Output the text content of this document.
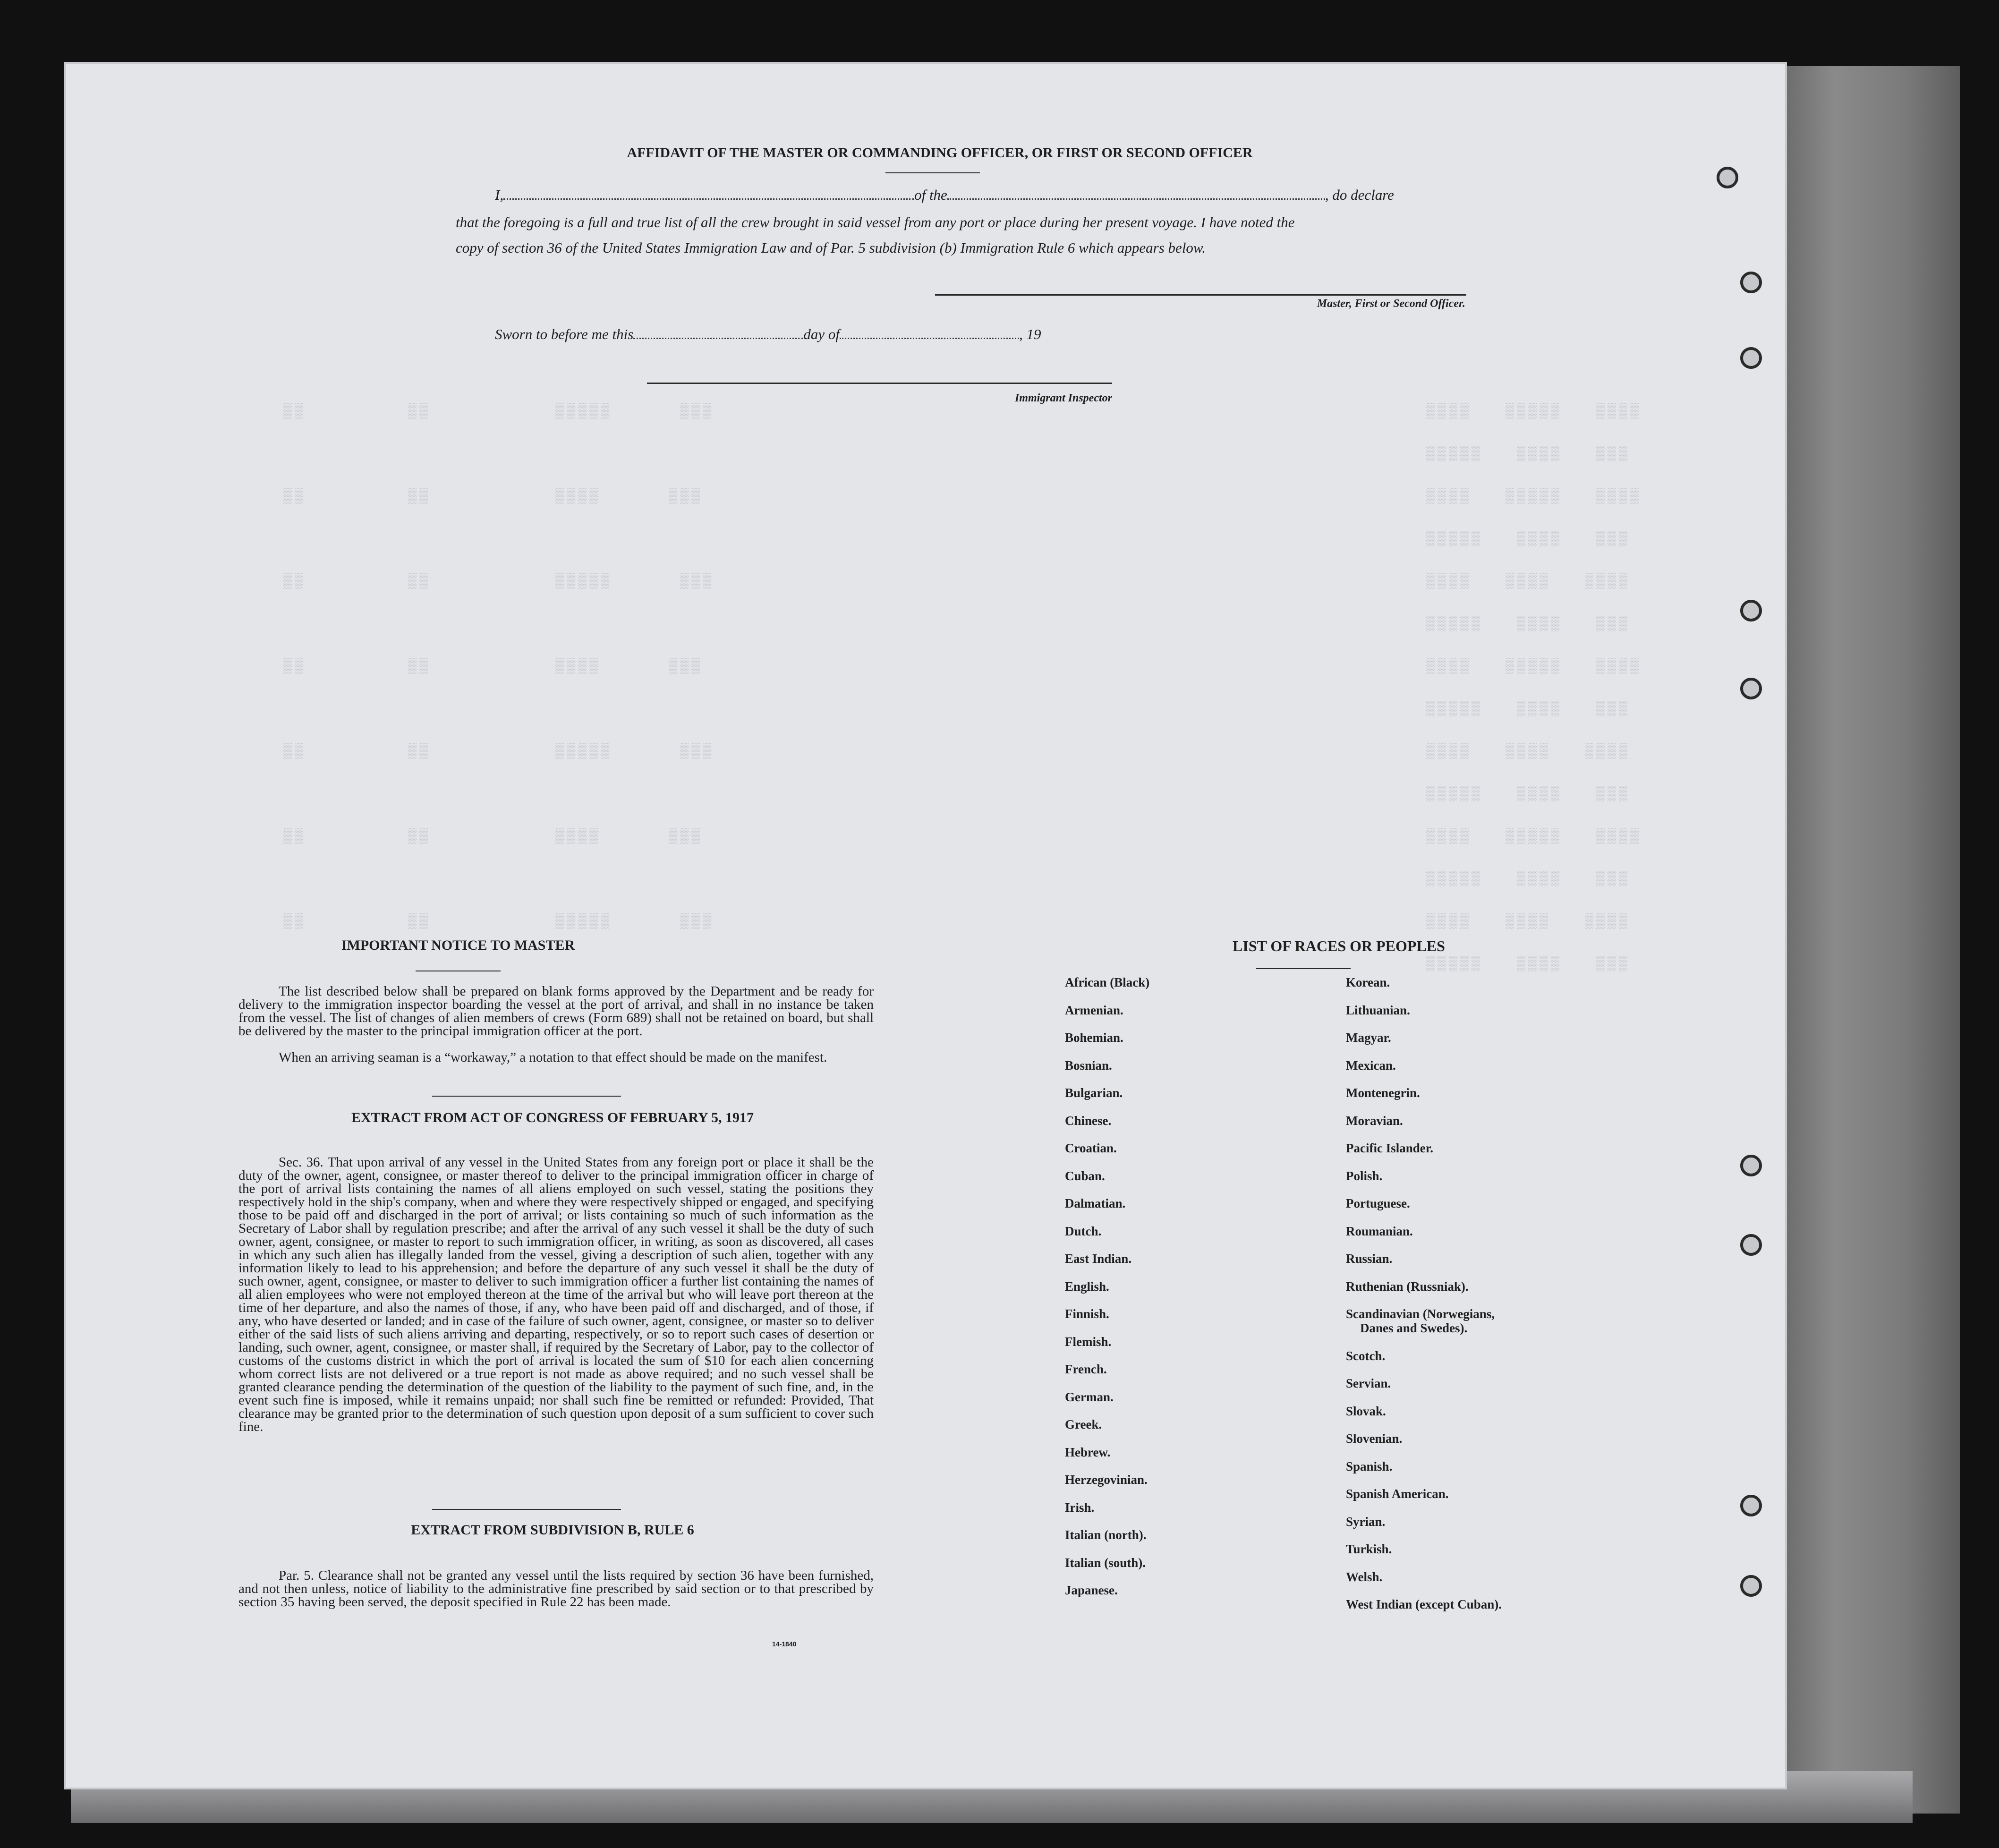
▒▒▒▒   ▒▒▒▒▒   ▒▒▒▒
▒▒▒▒▒   ▒▒▒▒   ▒▒▒
▒▒▒▒   ▒▒▒▒▒   ▒▒▒▒
▒▒▒▒▒   ▒▒▒▒   ▒▒▒
▒▒▒▒   ▒▒▒▒   ▒▒▒▒
▒▒▒▒▒   ▒▒▒▒   ▒▒▒
▒▒▒▒   ▒▒▒▒▒   ▒▒▒▒
▒▒▒▒▒   ▒▒▒▒   ▒▒▒
▒▒▒▒   ▒▒▒▒   ▒▒▒▒
▒▒▒▒▒   ▒▒▒▒   ▒▒▒
▒▒▒▒   ▒▒▒▒▒   ▒▒▒▒
▒▒▒▒▒   ▒▒▒▒   ▒▒▒
▒▒▒▒   ▒▒▒▒   ▒▒▒▒
▒▒▒▒▒   ▒▒▒▒   ▒▒▒
▒▒         ▒▒           ▒▒▒▒▒      ▒▒▒
▒▒         ▒▒           ▒▒▒▒      ▒▒▒
▒▒         ▒▒           ▒▒▒▒▒      ▒▒▒
▒▒         ▒▒           ▒▒▒▒      ▒▒▒
▒▒         ▒▒           ▒▒▒▒▒      ▒▒▒
▒▒         ▒▒           ▒▒▒▒      ▒▒▒
▒▒         ▒▒           ▒▒▒▒▒      ▒▒▒
AFFIDAVIT OF THE MASTER OR COMMANDING OFFICER, OR FIRST OR SECOND OFFICER
I,	of the	, do declare
that the foregoing is a full and true list of all the crew brought in said vessel from any port or place during her present voyage. I have noted the
copy of section 36 of the United States Immigration Law and of Par. 5 subdivision (b) Immigration Rule 6 which appears below.
Master, First or Second Officer.
Sworn to before me this	day of	, 19
Immigrant Inspector
IMPORTANT NOTICE TO MASTER
The list described below shall be prepared on blank forms approved by the Department and be ready for delivery to the immigration inspector boarding the vessel at the port of arrival, and shall in no instance be taken from the vessel. The list of changes of alien members of crews (Form 689) shall not be retained on board, but shall be delivered by the master to the principal immigration officer at the port.
When an arriving seaman is a “workaway,” a notation to that effect should be made on the manifest.
EXTRACT FROM ACT OF CONGRESS OF FEBRUARY 5, 1917
Sec. 36. That upon arrival of any vessel in the United States from any foreign port or place it shall be the duty of the owner, agent, consignee, or master thereof to deliver to the principal immigration officer in charge of the port of arrival lists containing the names of all aliens employed on such vessel, stating the positions they respectively hold in the ship's company, when and where they were respectively shipped or engaged, and specifying those to be paid off and discharged in the port of arrival; or lists containing so much of such information as the Secretary of Labor shall by regulation prescribe; and after the arrival of any such vessel it shall be the duty of such owner, agent, consignee, or master to report to such immigration officer, in writing, as soon as discovered, all cases in which any such alien has illegally landed from the vessel, giving a description of such alien, together with any information likely to lead to his apprehension; and before the departure of any such vessel it shall be the duty of such owner, agent, consignee, or master to deliver to such immigration officer a further list containing the names of all alien employees who were not employed thereon at the time of the arrival but who will leave port thereon at the time of her departure, and also the names of those, if any, who have been paid off and discharged, and of those, if any, who have deserted or landed; and in case of the failure of such owner, agent, consignee, or master so to deliver either of the said lists of such aliens arriving and departing, respectively, or so to report such cases of desertion or landing, such owner, agent, consignee, or master shall, if required by the Secretary of Labor, pay to the collector of customs of the customs district in which the port of arrival is located the sum of $10 for each alien concerning whom correct lists are not delivered or a true report is not made as above required; and no such vessel shall be granted clearance pending the determination of the question of the liability to the payment of such fine, and, in the event such fine is imposed, while it remains unpaid; nor shall such fine be remitted or refunded: Provided, That clearance may be granted prior to the determination of such question upon deposit of a sum sufficient to cover such fine.
EXTRACT FROM SUBDIVISION B, RULE 6
Par. 5. Clearance shall not be granted any vessel until the lists required by section 36 have been furnished, and not then unless, notice of liability to the administrative fine prescribed by said section or to that prescribed by section 35 having been served, the deposit specified in Rule 22 has been made.
14-1840
LIST OF RACES OR PEOPLES
African (Black)
Armenian.
Bohemian.
Bosnian.
Bulgarian.
Chinese.
Croatian.
Cuban.
Dalmatian.
Dutch.
East Indian.
English.
Finnish.
Flemish.
French.
German.
Greek.
Hebrew.
Herzegovinian.
Irish.
Italian (north).
Italian (south).
Japanese.
Korean.
Lithuanian.
Magyar.
Mexican.
Montenegrin.
Moravian.
Pacific Islander.
Polish.
Portuguese.
Roumanian.
Russian.
Ruthenian (Russniak).
Scandinavian (Norwegians,
Danes and Swedes).
Scotch.
Servian.
Slovak.
Slovenian.
Spanish.
Spanish American.
Syrian.
Turkish.
Welsh.
West Indian (except Cuban).
